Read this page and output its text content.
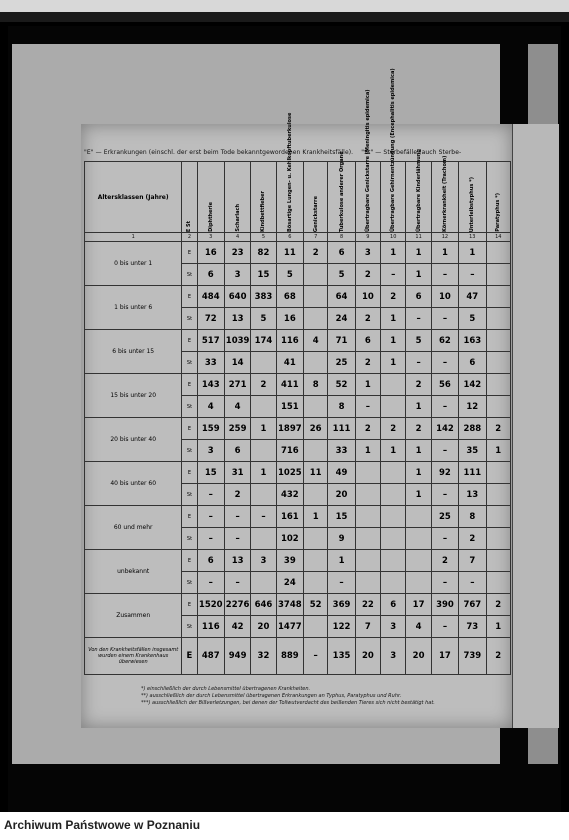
"E" — Erkrankungen (einschl. der erst beim Tode bekanntgewordenen Krankheitsfälle). "St" — Sterbefälle (auch Sterbe-
Altersklassen (Jahre)	E St	Diphtherie	Scharlach	Kindbettfieber	Bösartige Lungen- u. Kehlkopftuberkulose	Genickstarre	Tuberkulose anderer Organe	Übertragbare Genickstarre (Meningitis epidemica)	Übertragbare Gehirnentzündung (Encephalitis epidemica)	Übertragbare Kinderlähmung	Körnerkrankheit (Trachom)	Unterleibstyphus *)	Paratyphus *)

1	2	3	4	5	6	7	8	9	10	11	12	13	14
0 bis unter 1	E	16	23	82	11	2	6	3	1	1	1	1	
	St	6	3	15	5		5	2	–	1	–	–	
1 bis unter 6	E	484	640	383	68		64	10	2	6	10	47	
	St	72	13	5	16		24	2	1	–	–	5	
6 bis unter 15	E	517	1039	174	116	4	71	6	1	5	62	163	
	St	33	14		41		25	2	1	–	–	6	
15 bis unter 20	E	143	271	2	411	8	52	1		2	56	142	
	St	4	4		151		8	–		1	–	12	
20 bis unter 40	E	159	259	1	1897	26	111	2	2	2	142	288	2
	St	3	6		716		33	1	1	1	–	35	1
40 bis unter 60	E	15	31	1	1025	11	49			1	92	111	
	St	–	2		432		20			1	–	13	
60 und mehr	E	–	–	–	161	1	15				25	8	
	St	–	–		102		9				–	2	
unbekannt	E	6	13	3	39		1				2	7	
	St	–	–		24		–				–	–	
Zusammen	E	1520	2276	646	3748	52	369	22	6	17	390	767	2
	St	116	42	20	1477		122	7	3	4	–	73	1
Von den Krankheitsfällen insgesamt wurden einem Krankenhaus überwiesen	E	487	949	32	889	–	135	20	3	20	17	739	2
*) einschließlich der durch Lebensmittel übertragenen Krankheiten.
**) ausschließlich der durch Lebensmittel übertragenen Erkrankungen an Typhus, Paratyphus und Ruhr.
***) ausschließlich der Bißverletzungen, bei denen der Tollwutverdacht des beißenden Tieres sich nicht bestätigt hat.
Archiwum Państwowe w Poznaniu
